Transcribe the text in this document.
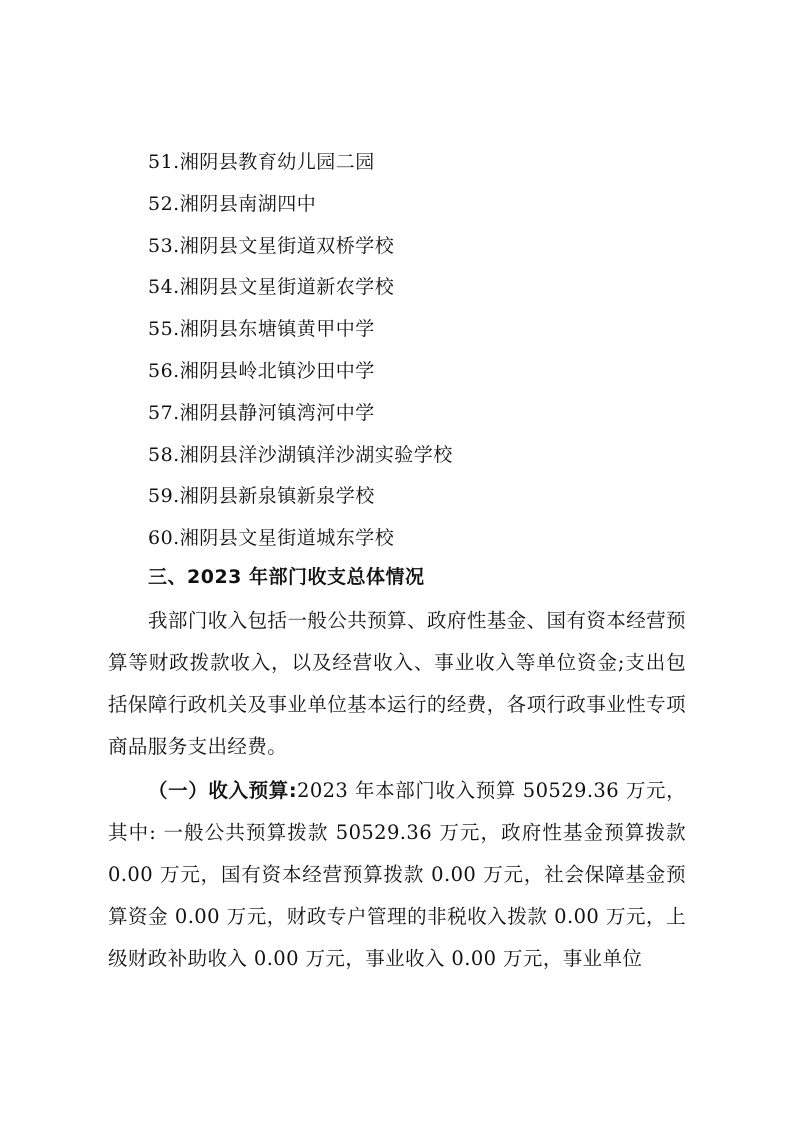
51.湘阴县教育幼儿园二园
52.湘阴县南湖四中
53.湘阴县文星街道双桥学校
54.湘阴县文星街道新农学校
55.湘阴县东塘镇黄甲中学
56.湘阴县岭北镇沙田中学
57.湘阴县静河镇湾河中学
58.湘阴县洋沙湖镇洋沙湖实验学校
59.湘阴县新泉镇新泉学校
60.湘阴县文星街道城东学校
三、2023 年部门收支总体情况

我部门收入包括一般公共预算、政府性基金、国有资本经营预算等财政拨款收入，以及经营收入、事业收入等单位资金;支出包括保障行政机关及事业单位基本运行的经费，各项行政事业性专项商品服务支出经费。

（一）收入预算:2023 年本部门收入预算 50529.36 万元，其中: 一般公共预算拨款 50529.36 万元，政府性基金预算拨款 0.00 万元，国有资本经营预算拨款 0.00 万元，社会保障基金预算资金 0.00 万元，财政专户管理的非税收入拨款 0.00 万元，上级财政补助收入 0.00 万元，事业收入 0.00 万元，事业单位
